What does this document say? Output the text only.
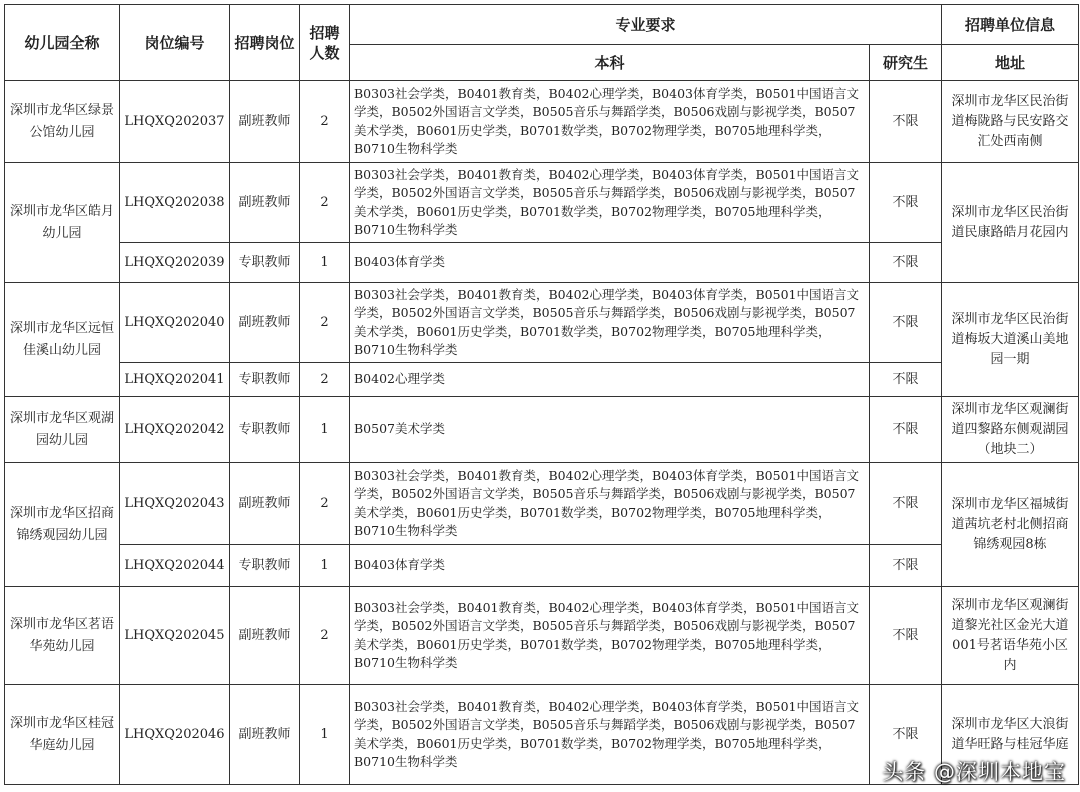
幼儿园全称	岗位编号	招聘岗位	招聘人数	专业要求		招聘单位信息
				本科	研究生	地址
深圳市龙华区绿景公馆幼儿园	LHQXQ202037	副班教师	2	B0303社会学类，B0401教育类，B0402心理学类，B0403体育学类，B0501中国语言文学类，B0502外国语言文学类，B0505音乐与舞蹈学类，B0506戏剧与影视学类，B0507美术学类，B0601历史学类，B0701数学类，B0702物理学类，B0705地理科学类，B0710生物科学类	不限	深圳市龙华区民治街道梅陇路与民安路交汇处西南侧
深圳市龙华区皓月幼儿园	LHQXQ202038	副班教师	2	B0303社会学类，B0401教育类，B0402心理学类，B0403体育学类，B0501中国语言文学类，B0502外国语言文学类，B0505音乐与舞蹈学类，B0506戏剧与影视学类，B0507美术学类，B0601历史学类，B0701数学类，B0702物理学类，B0705地理科学类，B0710生物科学类	不限	深圳市龙华区民治街道民康路皓月花园内
	LHQXQ202039	专职教师	1	B0403体育学类	不限	
深圳市龙华区远恒佳溪山幼儿园	LHQXQ202040	副班教师	2	B0303社会学类，B0401教育类，B0402心理学类，B0403体育学类，B0501中国语言文学类，B0502外国语言文学类，B0505音乐与舞蹈学类，B0506戏剧与影视学类，B0507美术学类，B0601历史学类，B0701数学类，B0702物理学类，B0705地理科学类，B0710生物科学类	不限	深圳市龙华区民治街道梅坂大道溪山美地园一期
	LHQXQ202041	专职教师	2	B0402心理学类	不限	
深圳市龙华区观湖园幼儿园	LHQXQ202042	专职教师	1	B0507美术学类	不限	深圳市龙华区观澜街道四黎路东侧观湖园（地块二）
深圳市龙华区招商锦绣观园幼儿园	LHQXQ202043	副班教师	2	B0303社会学类，B0401教育类，B0402心理学类，B0403体育学类，B0501中国语言文学类，B0502外国语言文学类，B0505音乐与舞蹈学类，B0506戏剧与影视学类，B0507美术学类，B0601历史学类，B0701数学类，B0702物理学类，B0705地理科学类，B0710生物科学类	不限	深圳市龙华区福城街道茜坑老村北侧招商锦绣观园8栋
	LHQXQ202044	专职教师	1	B0403体育学类	不限	
深圳市龙华区茗语华苑幼儿园	LHQXQ202045	副班教师	2	B0303社会学类，B0401教育类，B0402心理学类，B0403体育学类，B0501中国语言文学类，B0502外国语言文学类，B0505音乐与舞蹈学类，B0506戏剧与影视学类，B0507美术学类，B0601历史学类，B0701数学类，B0702物理学类，B0705地理科学类，B0710生物科学类	不限	深圳市龙华区观澜街道黎光社区金光大道001号茗语华苑小区内
深圳市龙华区桂冠华庭幼儿园	LHQXQ202046	副班教师	1	B0303社会学类，B0401教育类，B0402心理学类，B0403体育学类，B0501中国语言文学类，B0502外国语言文学类，B0505音乐与舞蹈学类，B0506戏剧与影视学类，B0507美术学类，B0601历史学类，B0701数学类，B0702物理学类，B0705地理科学类，B0710生物科学类	不限	深圳市龙华区大浪街道华旺路与桂冠华庭
头条 @深圳本地宝
